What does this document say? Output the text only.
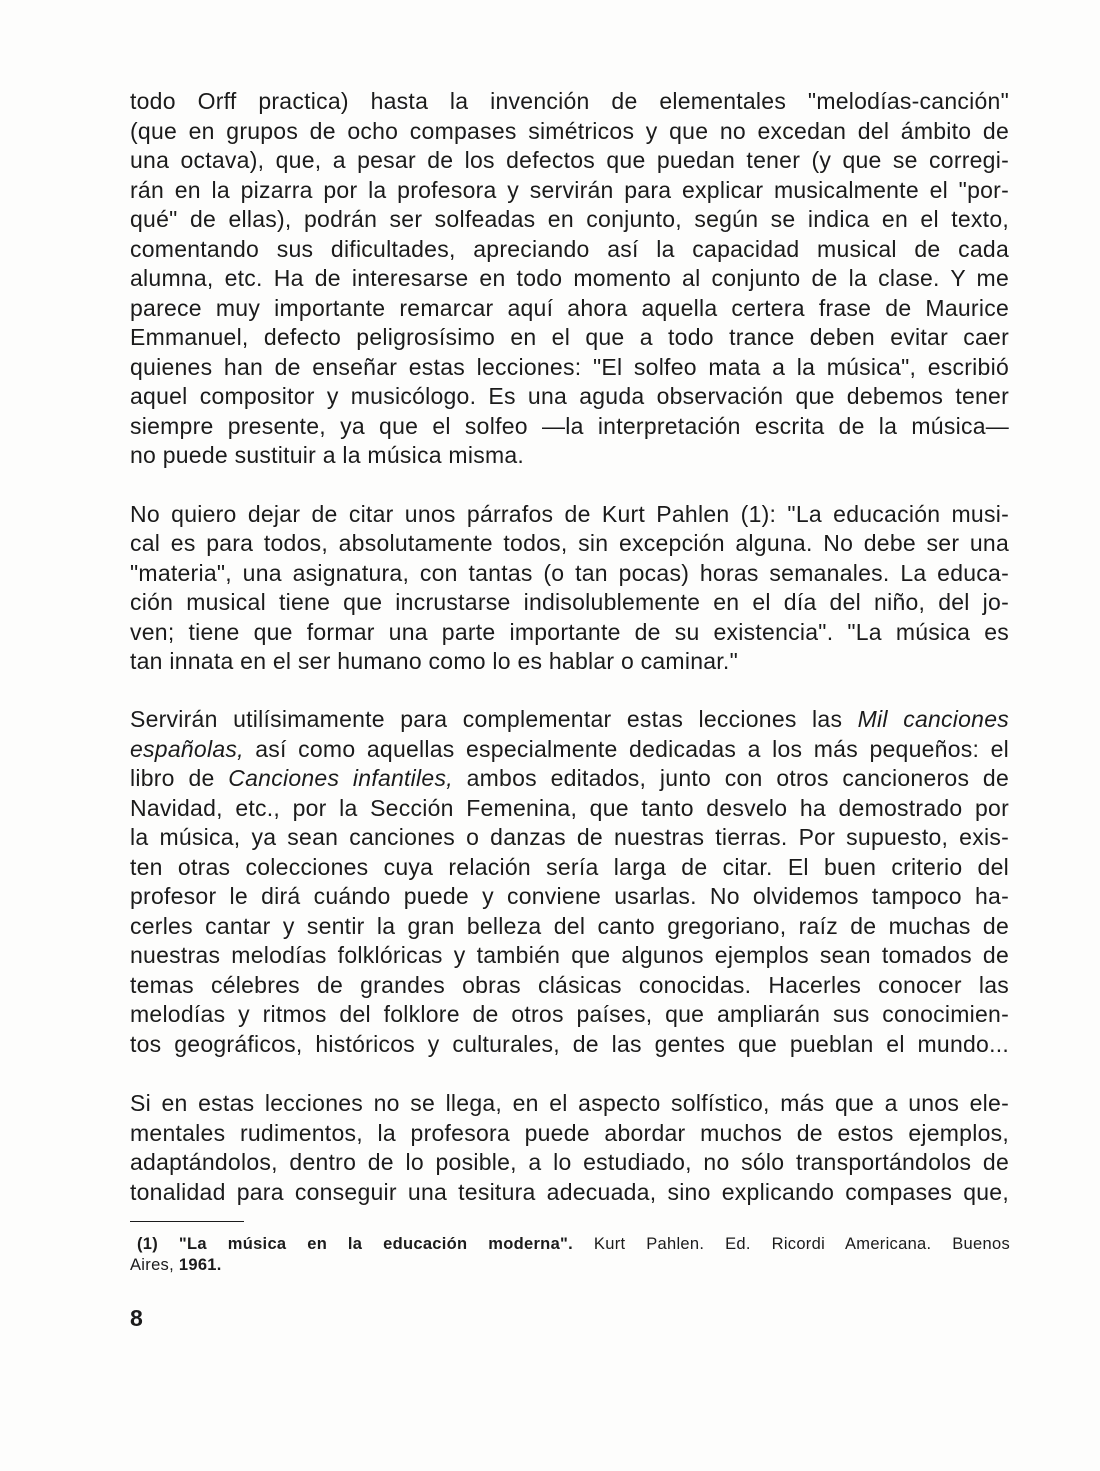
todo Orff practica) hasta la invención de elementales "melodías-canción"
(que en grupos de ocho compases simétricos y que no excedan del ámbito de
una octava), que, a pesar de los defectos que puedan tener (y que se corregi-
rán en la pizarra por la profesora y servirán para explicar musicalmente el "por-
qué" de ellas), podrán ser solfeadas en conjunto, según se indica en el texto,
comentando sus dificultades, apreciando así la capacidad musical de cada
alumna, etc. Ha de interesarse en todo momento al conjunto de la clase. Y me
parece muy importante remarcar aquí ahora aquella certera frase de Maurice
Emmanuel, defecto peligrosísimo en el que a todo trance deben evitar caer
quienes han de enseñar estas lecciones: "El solfeo mata a la música", escribió
aquel compositor y musicólogo. Es una aguda observación que debemos tener
siempre presente, ya que el solfeo —la interpretación escrita de la música—
no puede sustituir a la música misma.
No quiero dejar de citar unos párrafos de Kurt Pahlen (1): "La educación musi-
cal es para todos, absolutamente todos, sin excepción alguna. No debe ser una
"materia", una asignatura, con tantas (o tan pocas) horas semanales. La educa-
ción musical tiene que incrustarse indisolublemente en el día del niño, del jo-
ven; tiene que formar una parte importante de su existencia". "La música es
tan innata en el ser humano como lo es hablar o caminar."
Servirán utilísimamente para complementar estas lecciones las Mil canciones
españolas, así como aquellas especialmente dedicadas a los más pequeños: el
libro de Canciones infantiles, ambos editados, junto con otros cancioneros de
Navidad, etc., por la Sección Femenina, que tanto desvelo ha demostrado por
la música, ya sean canciones o danzas de nuestras tierras. Por supuesto, exis-
ten otras colecciones cuya relación sería larga de citar. El buen criterio del
profesor le dirá cuándo puede y conviene usarlas. No olvidemos tampoco ha-
cerles cantar y sentir la gran belleza del canto gregoriano, raíz de muchas de
nuestras melodías folklóricas y también que algunos ejemplos sean tomados de
temas célebres de grandes obras clásicas conocidas. Hacerles conocer las
melodías y ritmos del folklore de otros países, que ampliarán sus conocimien-
tos geográficos, históricos y culturales, de las gentes que pueblan el mundo...
Si en estas lecciones no se llega, en el aspecto solfístico, más que a unos ele-
mentales rudimentos, la profesora puede abordar muchos de estos ejemplos,
adaptándolos, dentro de lo posible, a lo estudiado, no sólo transportándolos de
tonalidad para conseguir una tesitura adecuada, sino explicando compases que,
(1) "La música en la educación moderna". Kurt Pahlen. Ed. Ricordi Americana. Buenos
Aires, 1961.
8
